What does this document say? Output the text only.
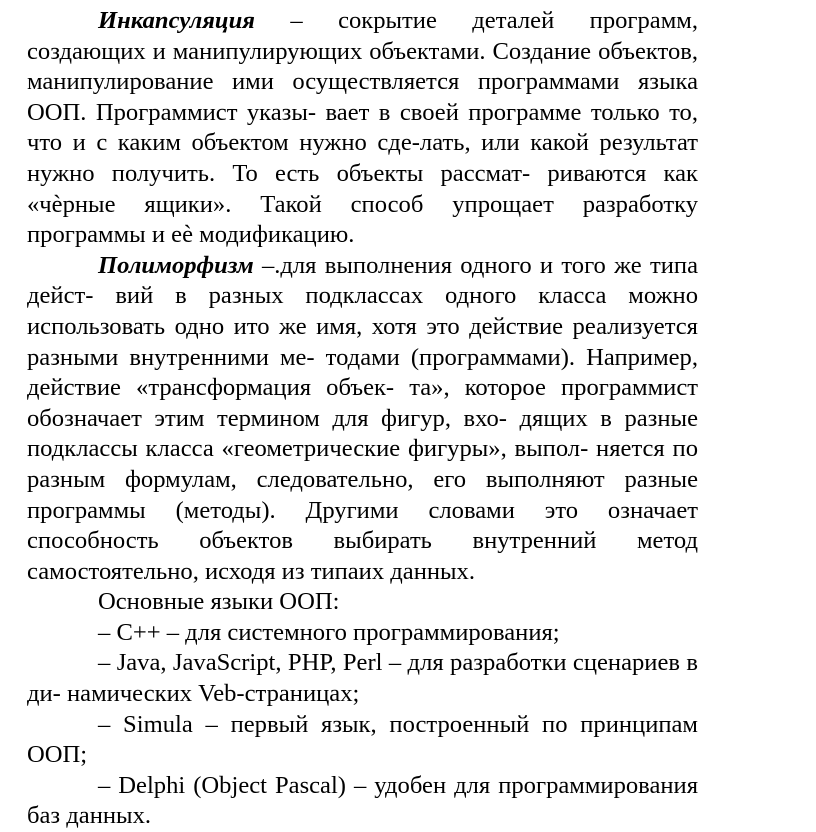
Инкапсуляция – сокрытие деталей программ, создающих и манипулирующих объектами. Создание объектов, манипулирование ими осуществляется программами языка ООП. Программист указы- вает в своей программе только то, что и с каким объектом нужно сде-лать, или какой результат нужно получить. То есть объекты рассмат- риваются как «чѐрные ящики». Такой способ упрощает разработку программы и еѐ модификацию.

Полиморфизм –.для выполнения одного и того же типа дейст- вий в разных подклассах одного класса можно использовать одно ито же имя, хотя это действие реализуется разными внутренними ме- тодами (программами). Например, действие «трансформация объек- та», которое программист обозначает этим термином для фигур, вхо- дящих в разные подклассы класса «геометрические фигуры», выпол- няется по разным формулам, следовательно, его выполняют разные программы (методы). Другими словами это означает способность объектов выбирать внутренний метод самостоятельно, исходя из типаих данных.

Основные языки ООП:

– C++ – для системного программирования;

– Java, JavaScript, PHP, Perl – для разработки сценариев в ди- намических Veb-страницах;

– Simula – первый язык, построенный по принципам ООП;

– Delphi (Object Pascal) – удобен для программирования баз данных.
